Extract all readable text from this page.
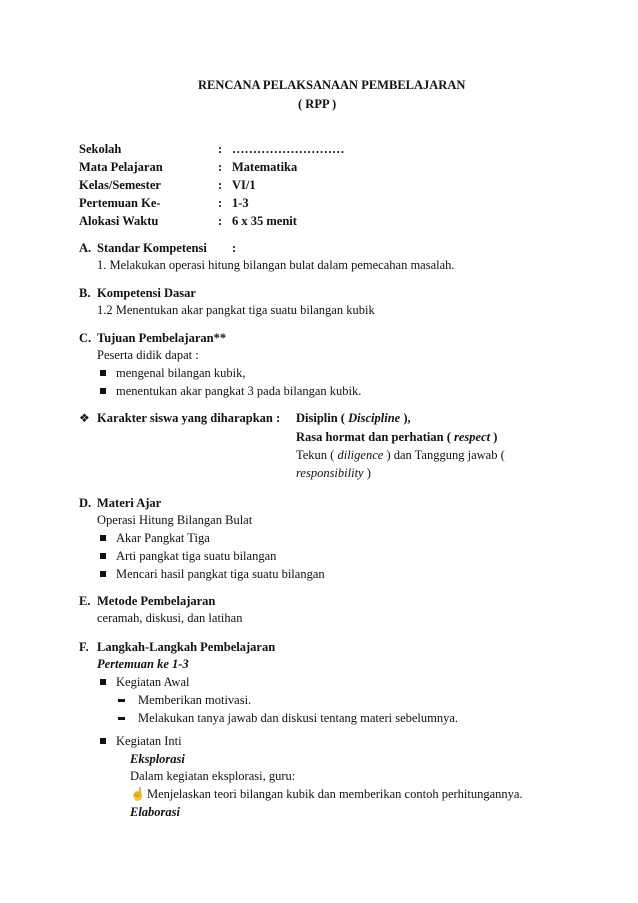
RENCANA PELAKSANAAN PEMBELAJARAN
( RPP )
Sekolah	: ………………………
Mata Pelajaran	: Matematika
Kelas/Semester	: VI/1
Pertemuan Ke-	: 1-3
Alokasi Waktu	: 6 x 35 menit
A. Standar Kompetensi :
1. Melakukan operasi hitung bilangan bulat dalam pemecahan masalah.
B. Kompetensi Dasar
1.2 Menentukan akar pangkat tiga suatu bilangan kubik
C. Tujuan Pembelajaran**
Peserta didik dapat :
mengenal bilangan kubik,
menentukan akar pangkat 3 pada bilangan kubik.
❖ Karakter siswa yang diharapkan : Disiplin ( Discipline ),
Rasa hormat dan perhatian ( respect )
Tekun ( diligence ) dan Tanggung jawab (
responsibility )
D. Materi Ajar
Operasi Hitung Bilangan Bulat
Akar Pangkat Tiga
Arti pangkat tiga suatu bilangan
Mencari hasil pangkat tiga suatu bilangan
E. Metode Pembelajaran
ceramah, diskusi, dan latihan
F. Langkah-Langkah Pembelajaran
Pertemuan ke 1-3
Kegiatan Awal
Memberikan motivasi.
Melakukan tanya jawab dan diskusi tentang materi sebelumnya.
Kegiatan Inti
Eksplorasi
Dalam kegiatan eksplorasi, guru:
☝ Menjelaskan teori bilangan kubik dan memberikan contoh perhitungannya.
Elaborasi
